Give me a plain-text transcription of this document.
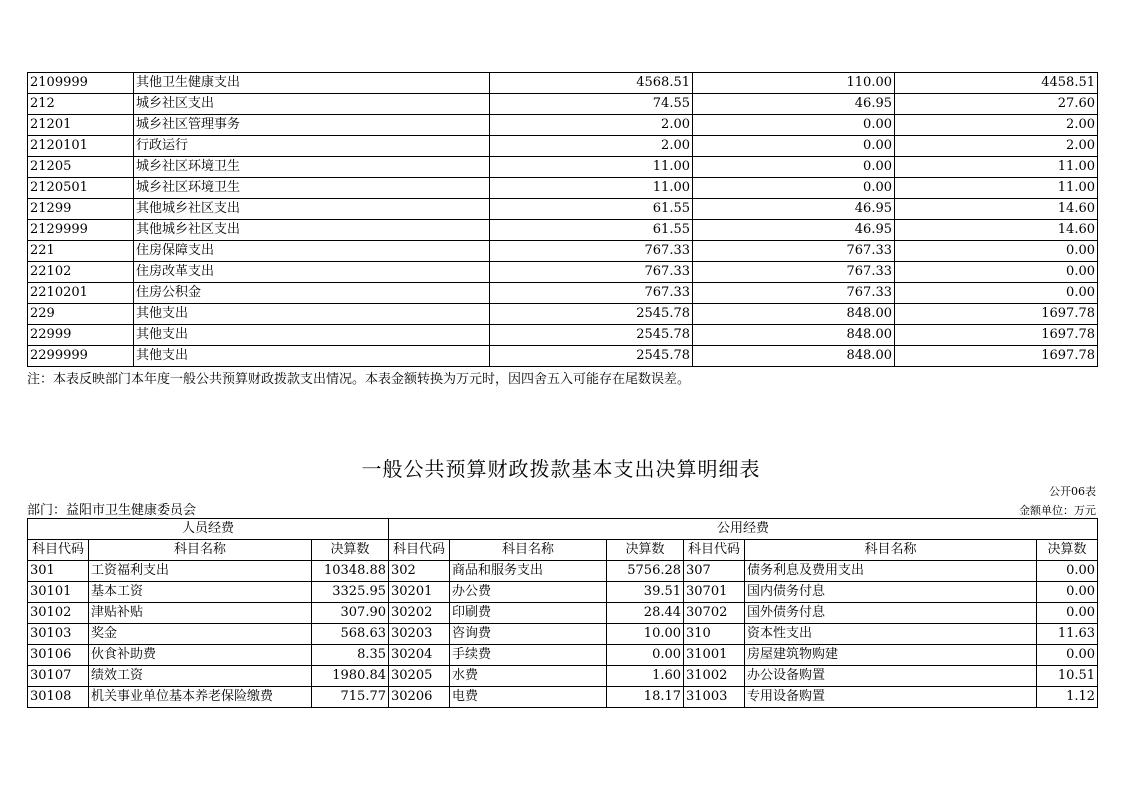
2109999	其他卫生健康支出	4568.51	110.00	4458.51
212	城乡社区支出	74.55	46.95	27.60
21201	城乡社区管理事务	2.00	0.00	2.00
2120101	行政运行	2.00	0.00	2.00
21205	城乡社区环境卫生	11.00	0.00	11.00
2120501	城乡社区环境卫生	11.00	0.00	11.00
21299	其他城乡社区支出	61.55	46.95	14.60
2129999	其他城乡社区支出	61.55	46.95	14.60
221	住房保障支出	767.33	767.33	0.00
22102	住房改革支出	767.33	767.33	0.00
2210201	住房公积金	767.33	767.33	0.00
229	其他支出	2545.78	848.00	1697.78
22999	其他支出	2545.78	848.00	1697.78
2299999	其他支出	2545.78	848.00	1697.78
注：本表反映部门本年度一般公共预算财政拨款支出情况。本表金额转换为万元时，因四舍五入可能存在尾数误差。
一般公共预算财政拨款基本支出决算明细表
公开06表
部门：益阳市卫生健康委员会	金额单位：万元
人员经费			公用经费					
科目代码	科目名称	决算数	科目代码	科目名称	决算数	科目代码	科目名称	决算数
301	工资福利支出	10348.88	302	商品和服务支出	5756.28	307	债务利息及费用支出	0.00
30101	基本工资	3325.95	30201	办公费	39.51	30701	国内债务付息	0.00
30102	津贴补贴	307.90	30202	印刷费	28.44	30702	国外债务付息	0.00
30103	奖金	568.63	30203	咨询费	10.00	310	资本性支出	11.63
30106	伙食补助费	8.35	30204	手续费	0.00	31001	房屋建筑物购建	0.00
30107	绩效工资	1980.84	30205	水费	1.60	31002	办公设备购置	10.51
30108	机关事业单位基本养老保险缴费	715.77	30206	电费	18.17	31003	专用设备购置	1.12
